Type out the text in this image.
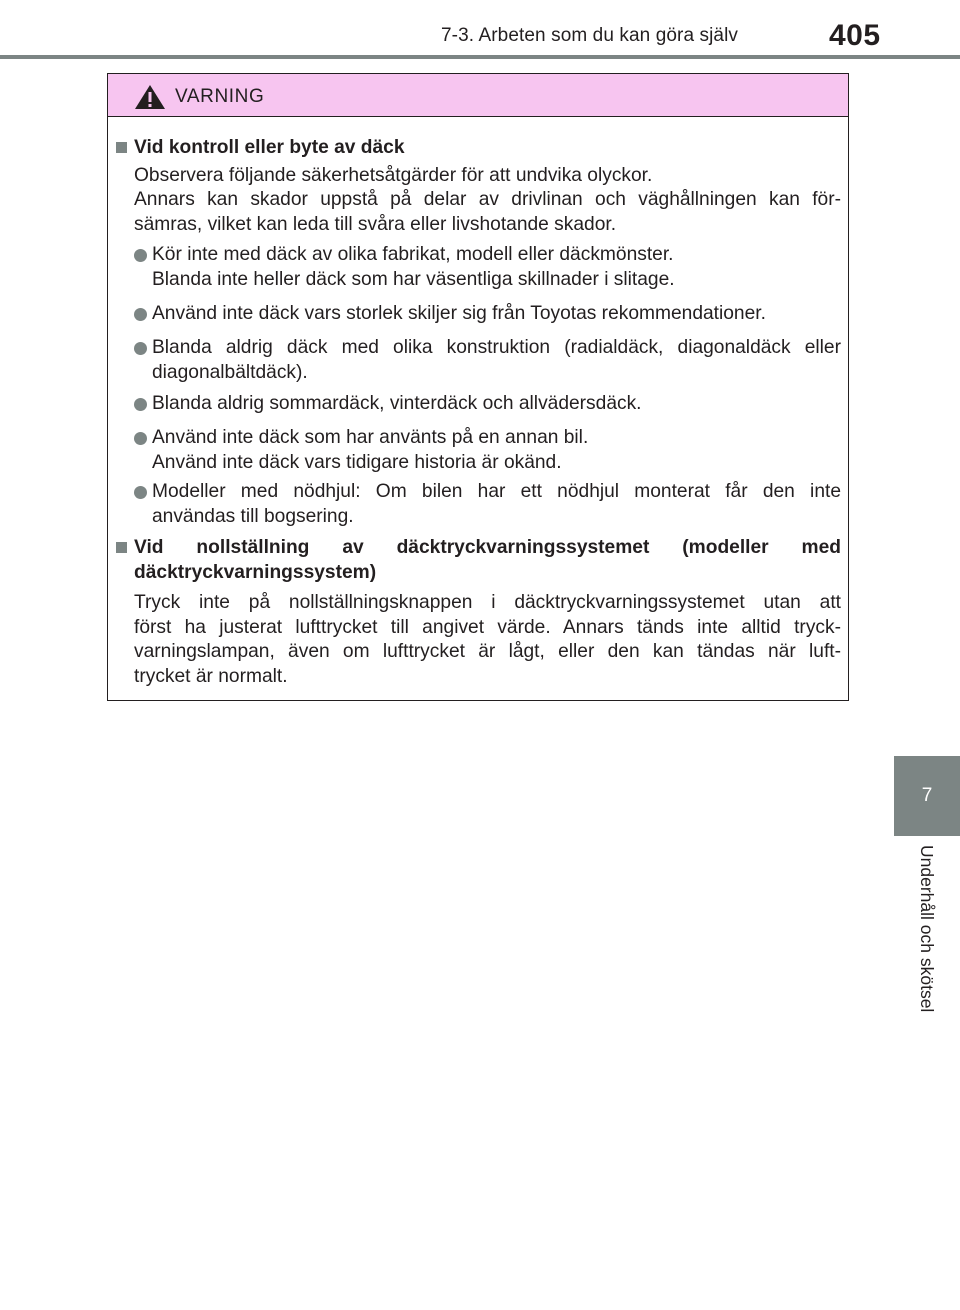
7-3. Arbeten som du kan göra själv	405
7
Underhåll och skötsel
VARNING
Vid kontroll eller byte av däck
Observera följande säkerhetsåtgärder för att undvika olyckor.
Annars kan skador uppstå på delar av drivlinan och väghållningen kan för-
sämras, vilket kan leda till svåra eller livshotande skador.
Kör inte med däck av olika fabrikat, modell eller däckmönster.
Blanda inte heller däck som har väsentliga skillnader i slitage.
Använd inte däck vars storlek skiljer sig från Toyotas rekommendationer.
Blanda aldrig däck med olika konstruktion (radialdäck, diagonaldäck eller
diagonalbältdäck).
Blanda aldrig sommardäck, vinterdäck och allvädersdäck.
Använd inte däck som har använts på en annan bil.
Använd inte däck vars tidigare historia är okänd.
Modeller med nödhjul: Om bilen har ett nödhjul monterat får den inte
användas till bogsering.
Vid nollställning av däcktryckvarningssystemet (modeller med
däcktryckvarningssystem)
Tryck inte på nollställningsknappen i däcktryckvarningssystemet utan att
först ha justerat lufttrycket till angivet värde. Annars tänds inte alltid tryck-
varningslampan, även om lufttrycket är lågt, eller den kan tändas när luft-
trycket är normalt.
